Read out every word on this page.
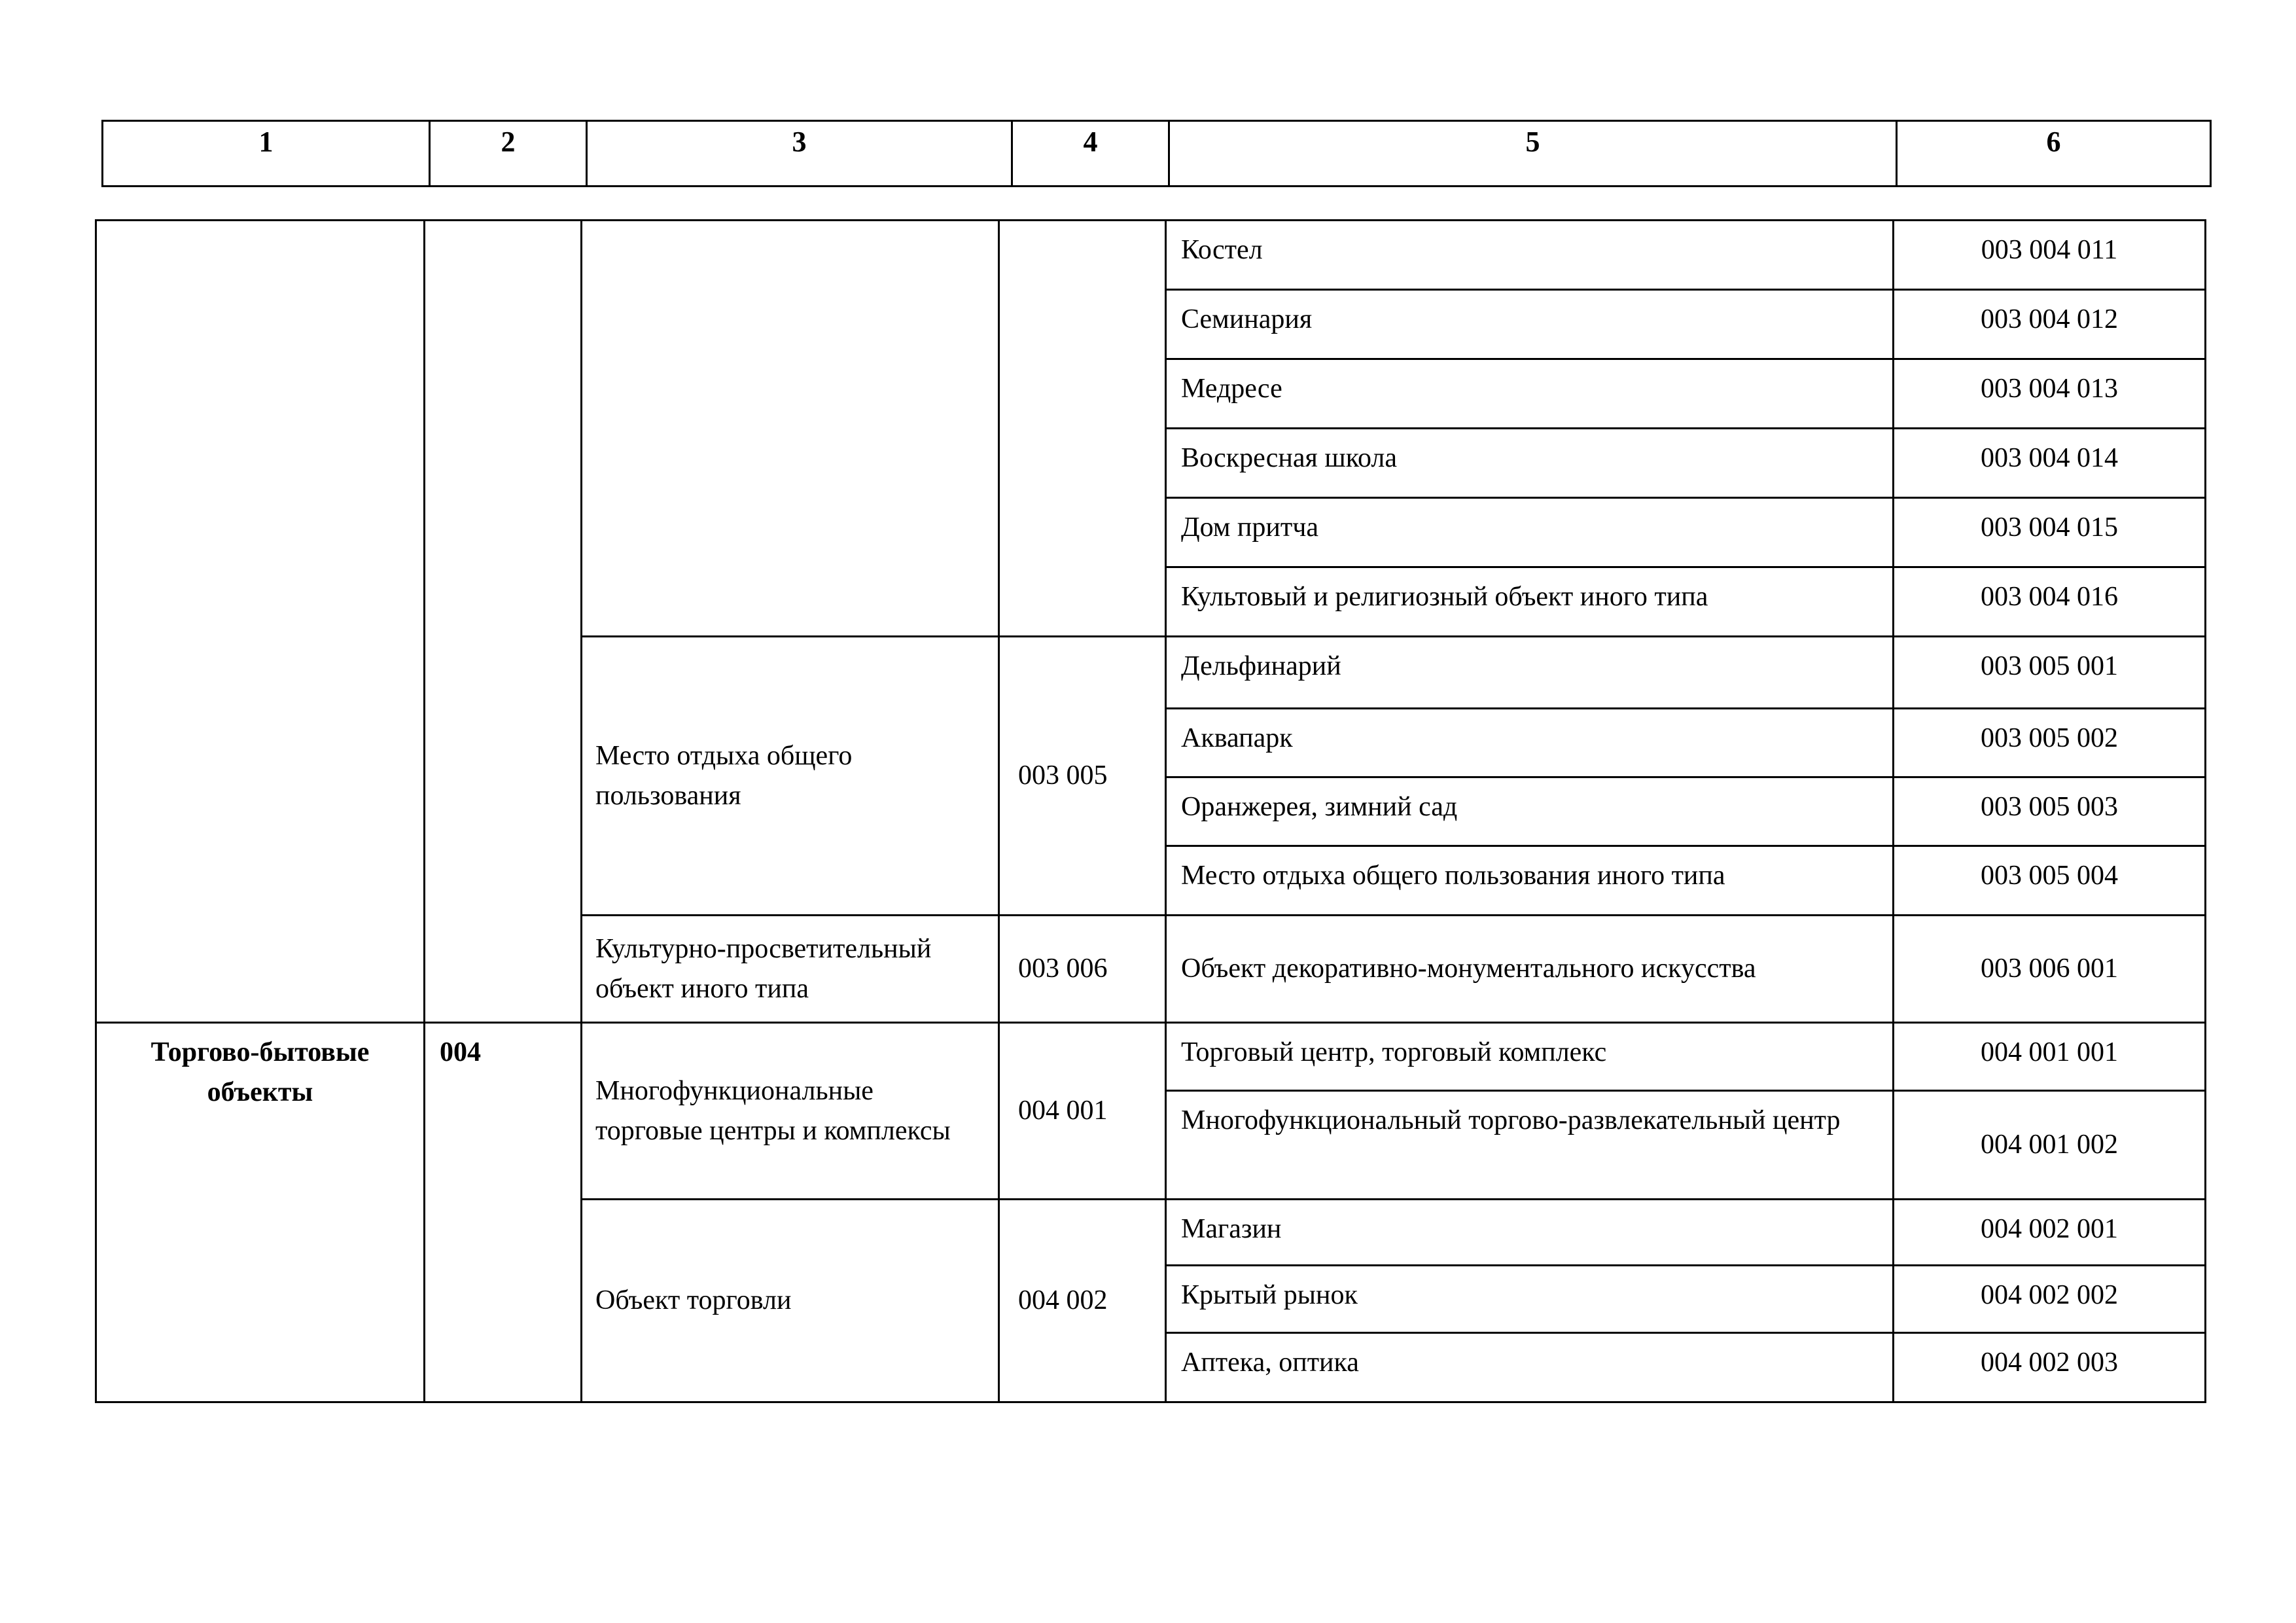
1	2	3	4	5	6
				Костел	003 004 011
				Семинария	003 004 012
				Медресе	003 004 013
				Воскресная школа	003 004 014
				Дом притча	003 004 015
				Культовый и религиозный объект иного типа	003 004 016
		Место отдыха общего пользования	003 005	Дельфинарий	003 005 001
				Аквапарк	003 005 002
				Оранжерея, зимний сад	003 005 003
				Место отдыха общего пользования иного типа	003 005 004
		Культурно-просветительный объект иного типа	003 006	Объект декоративно-монументального искусства	003 006 001
Торгово-бытовые объекты	004	Многофункциональные торговые центры и комплексы	004 001	Торговый центр, торговый комплекс	004 001 001
				Многофункциональный торгово-развлекательный центр	004 001 002
		Объект торговли	004 002	Магазин	004 002 001
				Крытый рынок	004 002 002
				Аптека, оптика	004 002 003
